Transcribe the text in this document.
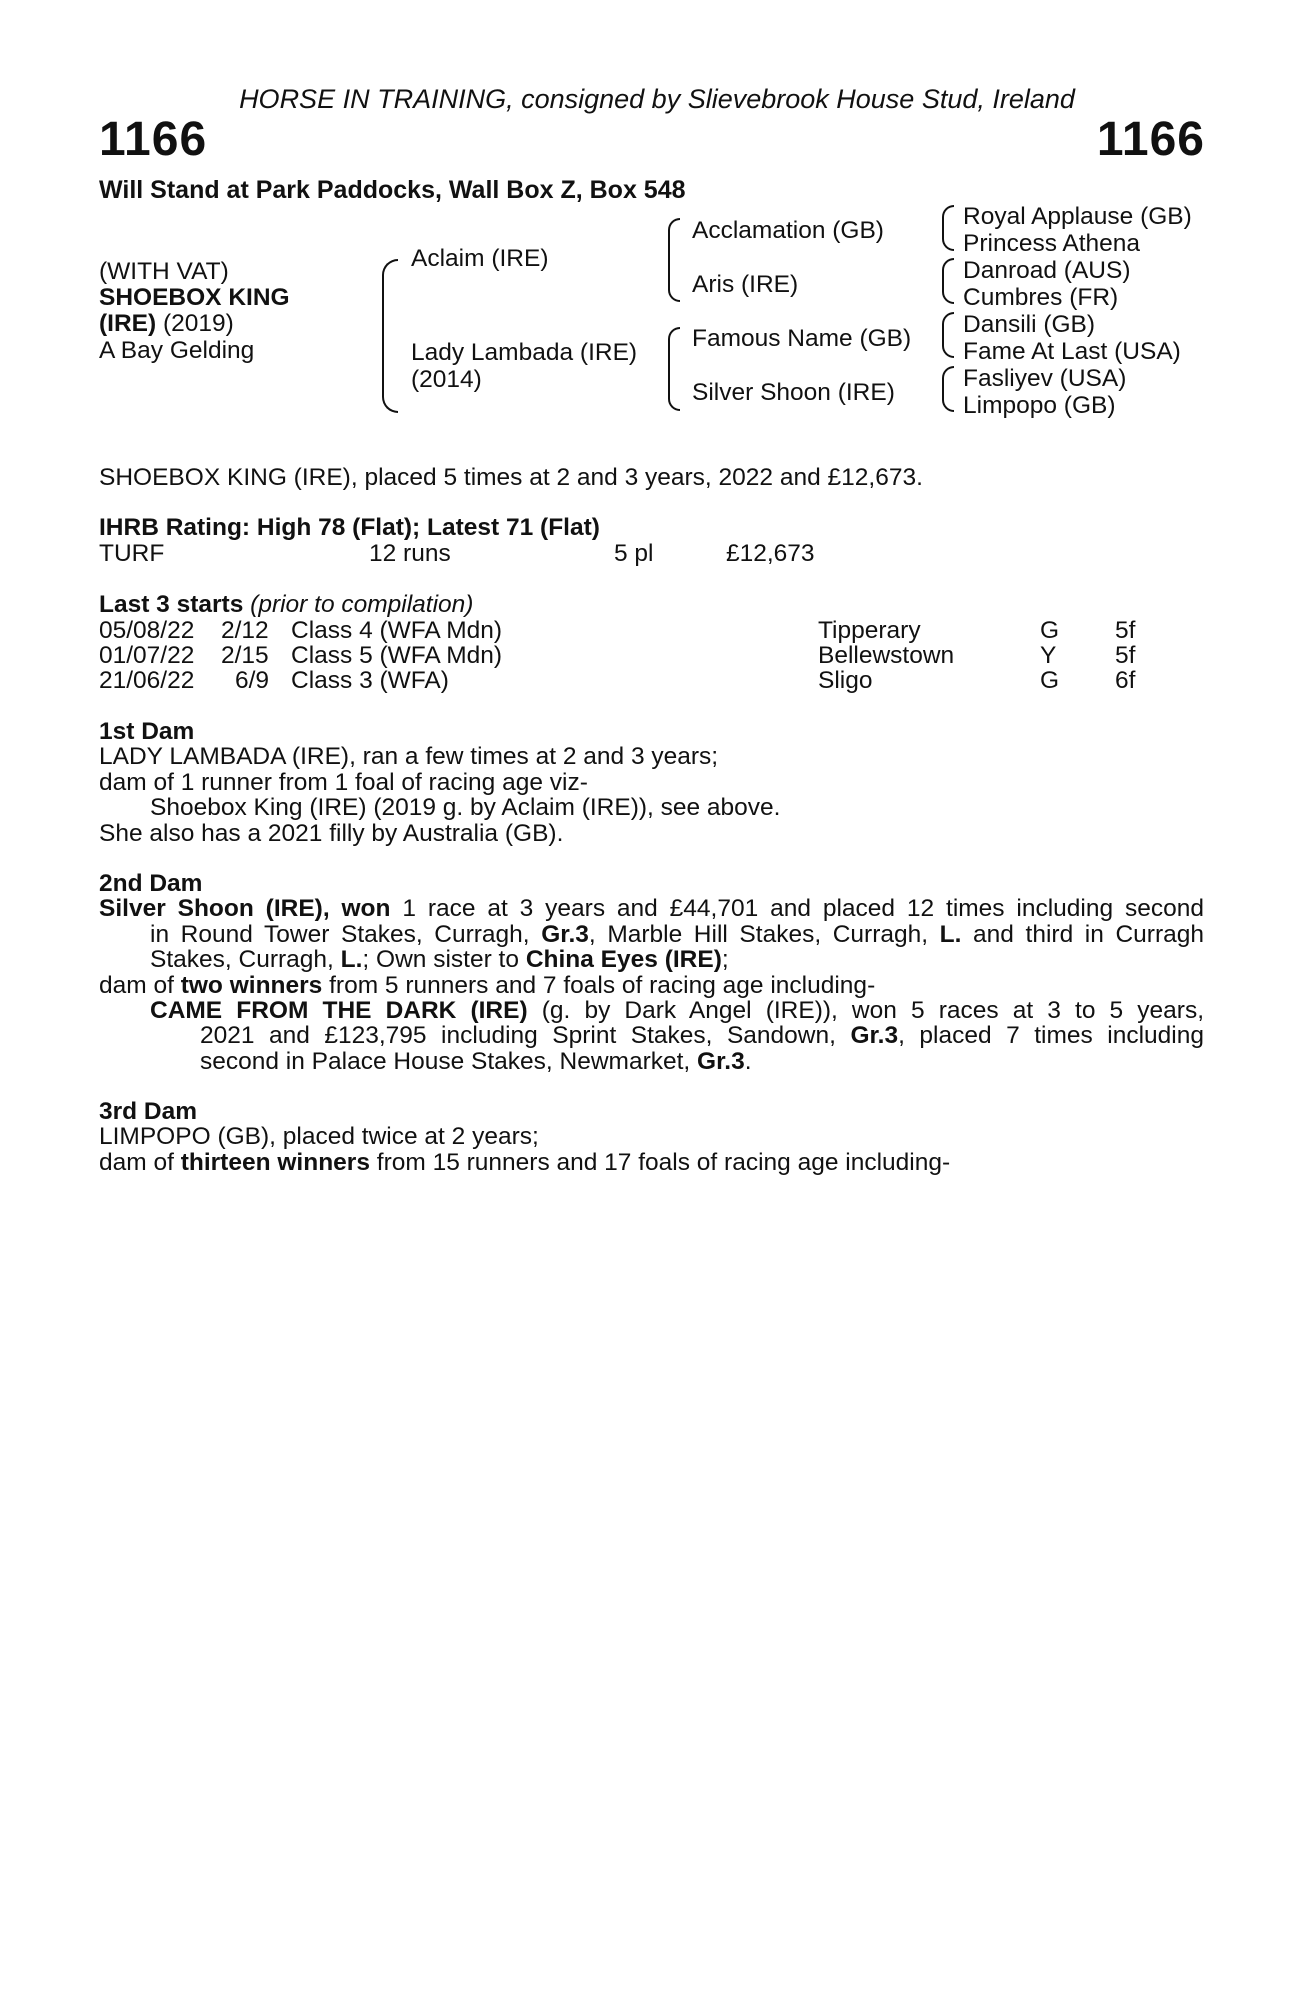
HORSE IN TRAINING, consigned by Slievebrook House Stud, Ireland
1166	1166
Will Stand at Park Paddocks, Wall Box Z, Box 548
(WITH VAT)
SHOEBOX KING
(IRE) (2019)
A Bay Gelding
Aclaim (IRE)
Lady Lambada (IRE)
(2014)
Acclamation (GB)
Aris (IRE)
Famous Name (GB)
Silver Shoon (IRE)
Royal Applause (GB)
Princess Athena
Danroad (AUS)
Cumbres (FR)
Dansili (GB)
Fame At Last (USA)
Fasliyev (USA)
Limpopo (GB)
SHOEBOX KING (IRE), placed 5 times at 2 and 3 years, 2022 and £12,673.
IHRB Rating: High 78 (Flat); Latest 71 (Flat)
TURF	12 runs	5 pl	£12,673
Last 3 starts (prior to compilation)
05/08/22 2/12 Class 4 (WFA Mdn)	Tipperary	G 5f
01/07/22 2/15 Class 5 (WFA Mdn)	Bellewstown	Y 5f
21/06/22 6/9 Class 3 (WFA)	Sligo	G 6f
1st Dam
LADY LAMBADA (IRE), ran a few times at 2 and 3 years;
dam of 1 runner from 1 foal of racing age viz-
Shoebox King (IRE) (2019 g. by Aclaim (IRE)), see above.
She also has a 2021 filly by Australia (GB).
2nd Dam
Silver Shoon (IRE), won 1 race at 3 years and £44,701 and placed 12 times including second
in Round Tower Stakes, Curragh, Gr.3, Marble Hill Stakes, Curragh, L. and third in Curragh
Stakes, Curragh, L.; Own sister to China Eyes (IRE);
dam of two winners from 5 runners and 7 foals of racing age including-
CAME FROM THE DARK (IRE) (g. by Dark Angel (IRE)), won 5 races at 3 to 5 years,
2021 and £123,795 including Sprint Stakes, Sandown, Gr.3, placed 7 times including
second in Palace House Stakes, Newmarket, Gr.3.
3rd Dam
LIMPOPO (GB), placed twice at 2 years;
dam of thirteen winners from 15 runners and 17 foals of racing age including-
